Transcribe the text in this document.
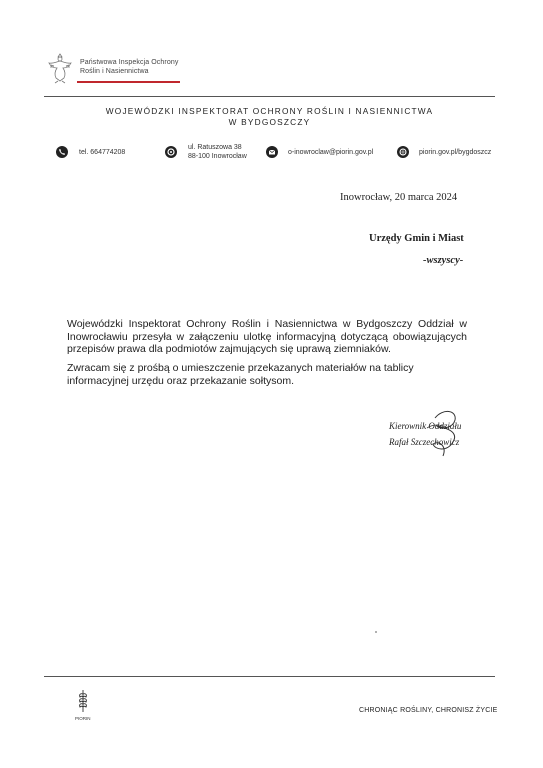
Państwowa Inspekcja Ochrony
Roślin i Nasiennictwa
WOJEWÓDZKI INSPEKTORAT OCHRONY ROŚLIN I NASIENNICTWA
W BYDGOSZCZY
tel. 664774208
ul. Ratuszowa 38
88-100 Inowrocław
o-inowroclaw@piorin.gov.pl	piorin.gov.pl/bygdoszcz
Inowrocław, 20 marca 2024
Urzędy Gmin i Miast
-wszyscy-
Wojewódzki Inspektorat Ochrony Roślin i Nasiennictwa w Bydgoszczy Oddział w Inowrocławiu przesyła w załączeniu ulotkę informacyjną dotyczącą obowiązujących przepisów prawa dla podmiotów zajmujących się uprawą ziemniaków.
Zwracam się z prośbą o umieszczenie przekazanych materiałów na tablicy informacyjnej urzędu oraz przekazanie sołtysom.
Kierownik Oddziału
Rafał Szczechowicz
PIORIN
CHRONIĄC ROŚLINY, CHRONISZ ŻYCIE
